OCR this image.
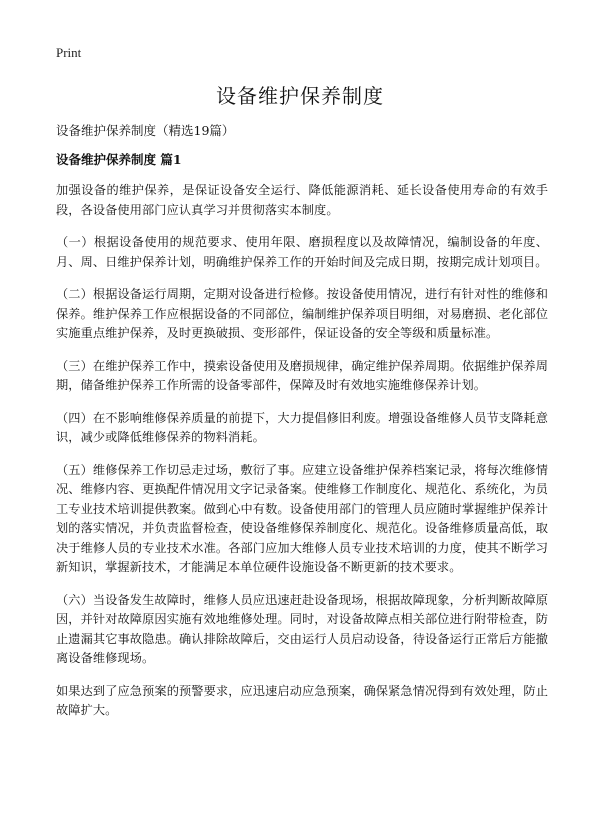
Print
设备维护保养制度

设备维护保养制度（精选19篇）

设备维护保养制度 篇1

加强设备的维护保养，是保证设备安全运行、降低能源消耗、延长设备使用寿命的有效手段，各设备使用部门应认真学习并贯彻落实本制度。

（一）根据设备使用的规范要求、使用年限、磨损程度以及故障情况，编制设备的年度、月、周、日维护保养计划，明确维护保养工作的开始时间及完成日期，按期完成计划项目。

（二）根据设备运行周期，定期对设备进行检修。按设备使用情况，进行有针对性的维修和保养。维护保养工作应根据设备的不同部位，编制维护保养项目明细，对易磨损、老化部位实施重点维护保养，及时更换破损、变形部件，保证设备的安全等级和质量标准。

（三）在维护保养工作中，摸索设备使用及磨损规律，确定维护保养周期。依据维护保养周期，储备维护保养工作所需的设备零部件，保障及时有效地实施维修保养计划。

（四）在不影响维修保养质量的前提下，大力提倡修旧利废。增强设备维修人员节支降耗意识，减少或降低维修保养的物料消耗。

（五）维修保养工作切忌走过场，敷衍了事。应建立设备维护保养档案记录，将每次维修情况、维修内容、更换配件情况用文字记录备案。使维修工作制度化、规范化、系统化，为员工专业技术培训提供教案。做到心中有数。设备使用部门的管理人员应随时掌握维护保养计划的落实情况，并负责监督检查，使设备维修保养制度化、规范化。设备维修质量高低，取决于维修人员的专业技术水准。各部门应加大维修人员专业技术培训的力度，使其不断学习新知识，掌握新技术，才能满足本单位硬件设施设备不断更新的技术要求。

（六）当设备发生故障时，维修人员应迅速赶赴设备现场，根据故障现象，分析判断故障原因，并针对故障原因实施有效地维修处理。同时，对设备故障点相关部位进行附带检查，防止遗漏其它事故隐患。确认排除故障后，交由运行人员启动设备，待设备运行正常后方能撤离设备维修现场。

如果达到了应急预案的预警要求，应迅速启动应急预案，确保紧急情况得到有效处理，防止故障扩大。
